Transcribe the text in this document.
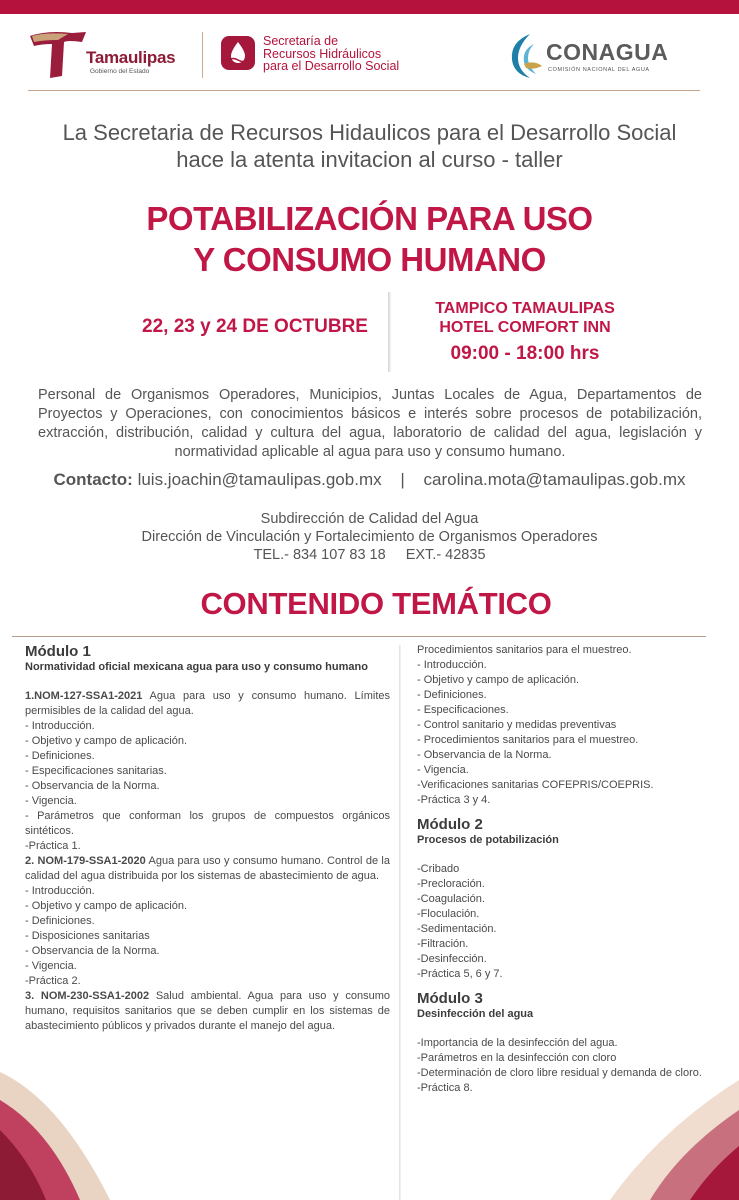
Tamaulipas
Gobierno del Estado
Secretaría de
Recursos Hidráulicos
para el Desarrollo Social
CONAGUA
COMISIÓN NACIONAL DEL AGUA
La Secretaria de Recursos Hidaulicos para el Desarrollo Social
hace la atenta invitacion al curso - taller
POTABILIZACIÓN PARA USO
Y CONSUMO HUMANO
22, 23 y 24 DE OCTUBRE
TAMPICO TAMAULIPAS
HOTEL COMFORT INN
09:00 - 18:00 hrs
Personal de Organismos Operadores, Municipios, Juntas Locales de Agua, Departamentos de Proyectos y Operaciones, con conocimientos básicos e interés sobre procesos de potabilización, extracción, distribución, calidad y cultura del agua, laboratorio de calidad del agua, legislación y normatividad aplicable al agua para uso y consumo humano.
Contacto: luis.joachin@tamaulipas.gob.mx | carolina.mota@tamaulipas.gob.mx
Subdirección de Calidad del Agua
Dirección de Vinculación y Fortalecimiento de Organismos Operadores
TEL.- 834 107 83 18 EXT.- 42835
CONTENIDO TEMÁTICO
Módulo 1
Normatividad oficial mexicana agua para uso y consumo humano
1.NOM-127-SSA1-2021 Agua para uso y consumo humano. Límites permisibles de la calidad del agua.
- Introducción.
- Objetivo y campo de aplicación.
- Definiciones.
- Especificaciones sanitarias.
- Observancia de la Norma.
- Vigencia.
- Parámetros que conforman los grupos de compuestos orgánicos sintéticos.
-Práctica 1.
2. NOM-179-SSA1-2020 Agua para uso y consumo humano. Control de la calidad del agua distribuida por los sistemas de abastecimiento de agua.
- Introducción.
- Objetivo y campo de aplicación.
- Definiciones.
- Disposiciones sanitarias
- Observancia de la Norma.
- Vigencia.
-Práctica 2.
3. NOM-230-SSA1-2002 Salud ambiental. Agua para uso y consumo humano, requisitos sanitarios que se deben cumplir en los sistemas de abastecimiento públicos y privados durante el manejo del agua.
Procedimientos sanitarios para el muestreo.
- Introducción.
- Objetivo y campo de aplicación.
- Definiciones.
- Especificaciones.
- Control sanitario y medidas preventivas
- Procedimientos sanitarios para el muestreo.
- Observancia de la Norma.
- Vigencia.
-Verificaciones sanitarias COFEPRIS/COEPRIS.
-Práctica 3 y 4.
Módulo 2
Procesos de potabilización
-Cribado
-Precloración.
-Coagulación.
-Floculación.
-Sedimentación.
-Filtración.
-Desinfección.
-Práctica 5, 6 y 7.
Módulo 3
Desinfección del agua
-Importancia de la desinfección del agua.
-Parámetros en la desinfección con cloro
-Determinación de cloro libre residual y demanda de cloro.
-Práctica 8.
